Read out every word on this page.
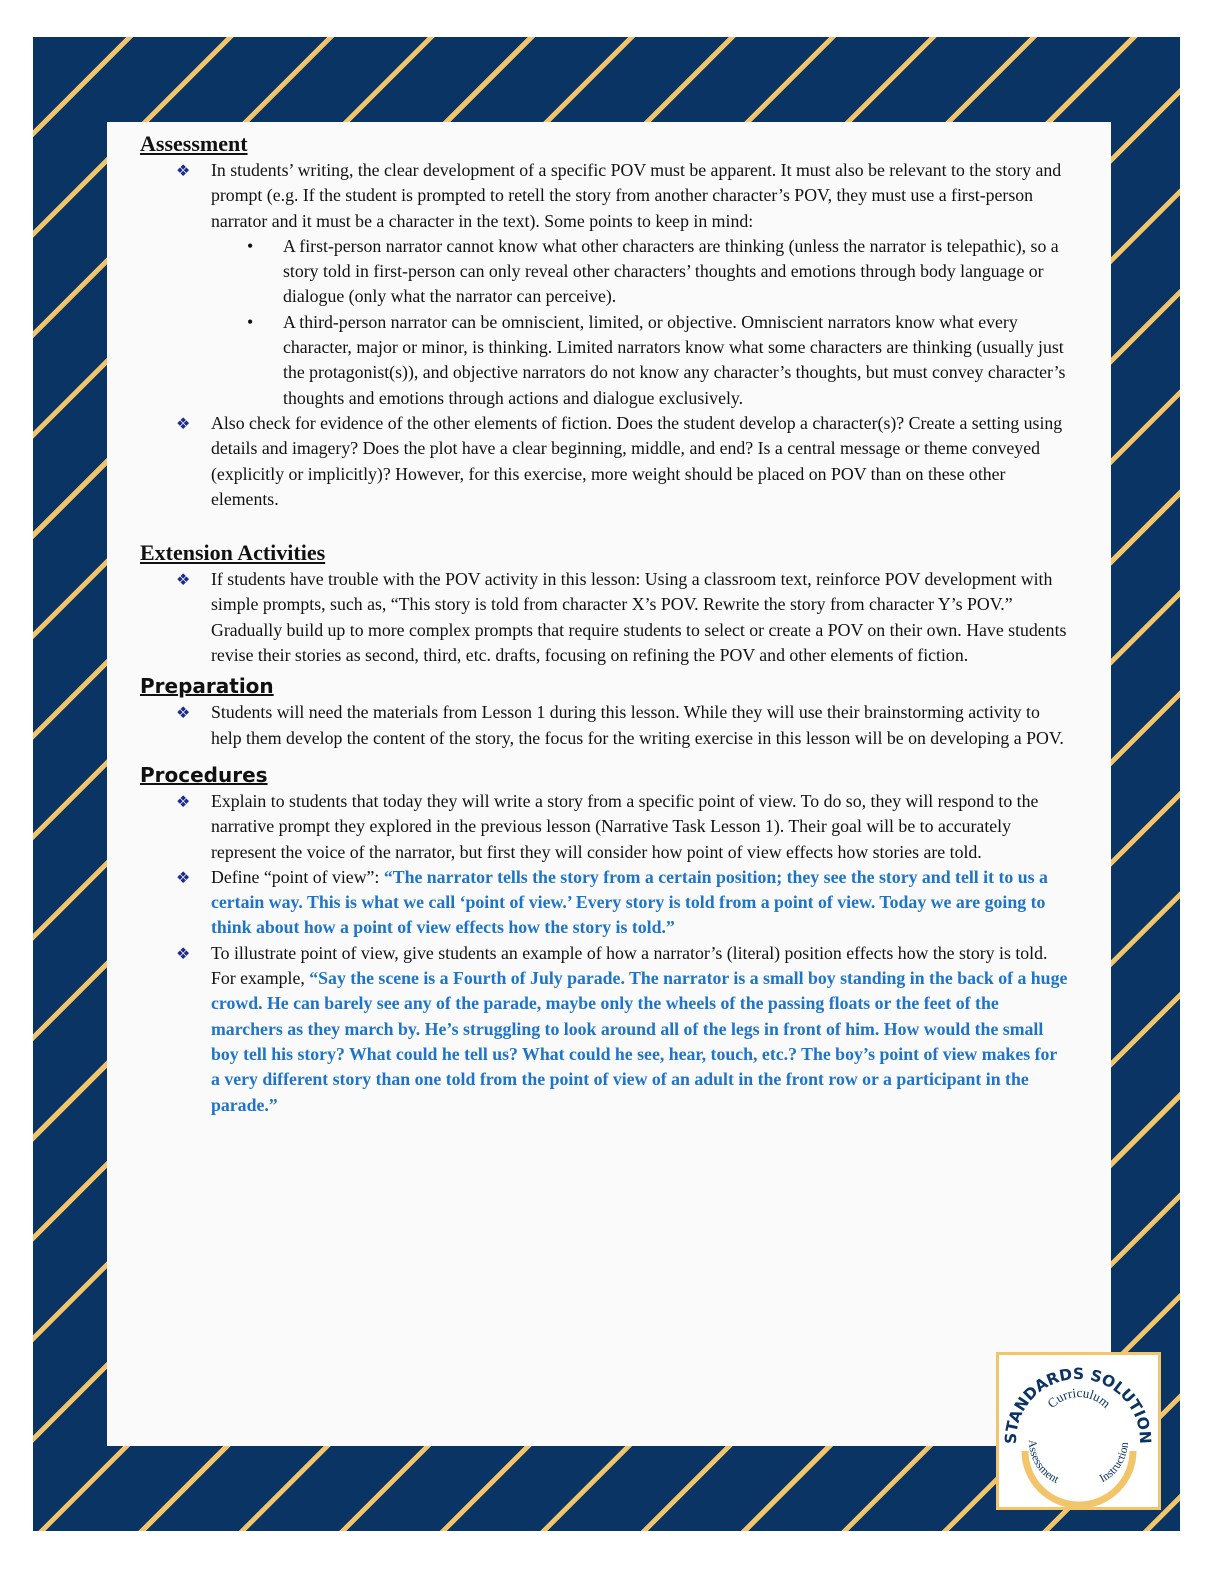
Assessment
❖ In students’ writing, the clear development of a specific POV must be apparent. It must also be relevant to the story and prompt (e.g. If the student is prompted to retell the story from another character’s POV, they must use a first-person narrator and it must be a character in the text). Some points to keep in mind:
• A first-person narrator cannot know what other characters are thinking (unless the narrator is telepathic), so a story told in first-person can only reveal other characters’ thoughts and emotions through body language or dialogue (only what the narrator can perceive).
• A third-person narrator can be omniscient, limited, or objective. Omniscient narrators know what every character, major or minor, is thinking. Limited narrators know what some characters are thinking (usually just the protagonist(s)), and objective narrators do not know any character’s thoughts, but must convey character’s thoughts and emotions through actions and dialogue exclusively.
❖ Also check for evidence of the other elements of fiction. Does the student develop a character(s)? Create a setting using details and imagery? Does the plot have a clear beginning, middle, and end? Is a central message or theme conveyed (explicitly or implicitly)? However, for this exercise, more weight should be placed on POV than on these other elements.
Extension Activities
❖ If students have trouble with the POV activity in this lesson: Using a classroom text, reinforce POV development with simple prompts, such as, “This story is told from character X’s POV. Rewrite the story from character Y’s POV.” Gradually build up to more complex prompts that require students to select or create a POV on their own. Have students revise their stories as second, third, etc. drafts, focusing on refining the POV and other elements of fiction.
Preparation
❖ Students will need the materials from Lesson 1 during this lesson. While they will use their brainstorming activity to help them develop the content of the story, the focus for the writing exercise in this lesson will be on developing a POV.
Procedures
❖ Explain to students that today they will write a story from a specific point of view. To do so, they will respond to the narrative prompt they explored in the previous lesson (Narrative Task Lesson 1). Their goal will be to accurately represent the voice of the narrator, but first they will consider how point of view effects how stories are told.
❖ Define “point of view”: “The narrator tells the story from a certain position; they see the story and tell it to us a certain way. This is what we call ‘point of view.’ Every story is told from a point of view. Today we are going to think about how a point of view effects how the story is told.”
❖ To illustrate point of view, give students an example of how a narrator’s (literal) position effects how the story is told. For example, “Say the scene is a Fourth of July parade. The narrator is a small boy standing in the back of a huge crowd. He can barely see any of the parade, maybe only the wheels of the passing floats or the feet of the marchers as they march by. He’s struggling to look around all of the legs in front of him. How would the small boy tell his story? What could he tell us? What could he see, hear, touch, etc.? The boy’s point of view makes for a very different story than one told from the point of view of an adult in the front row or a participant in the parade.”
STANDARDS SOLUTION
Curriculum
Assessment	Instruction
